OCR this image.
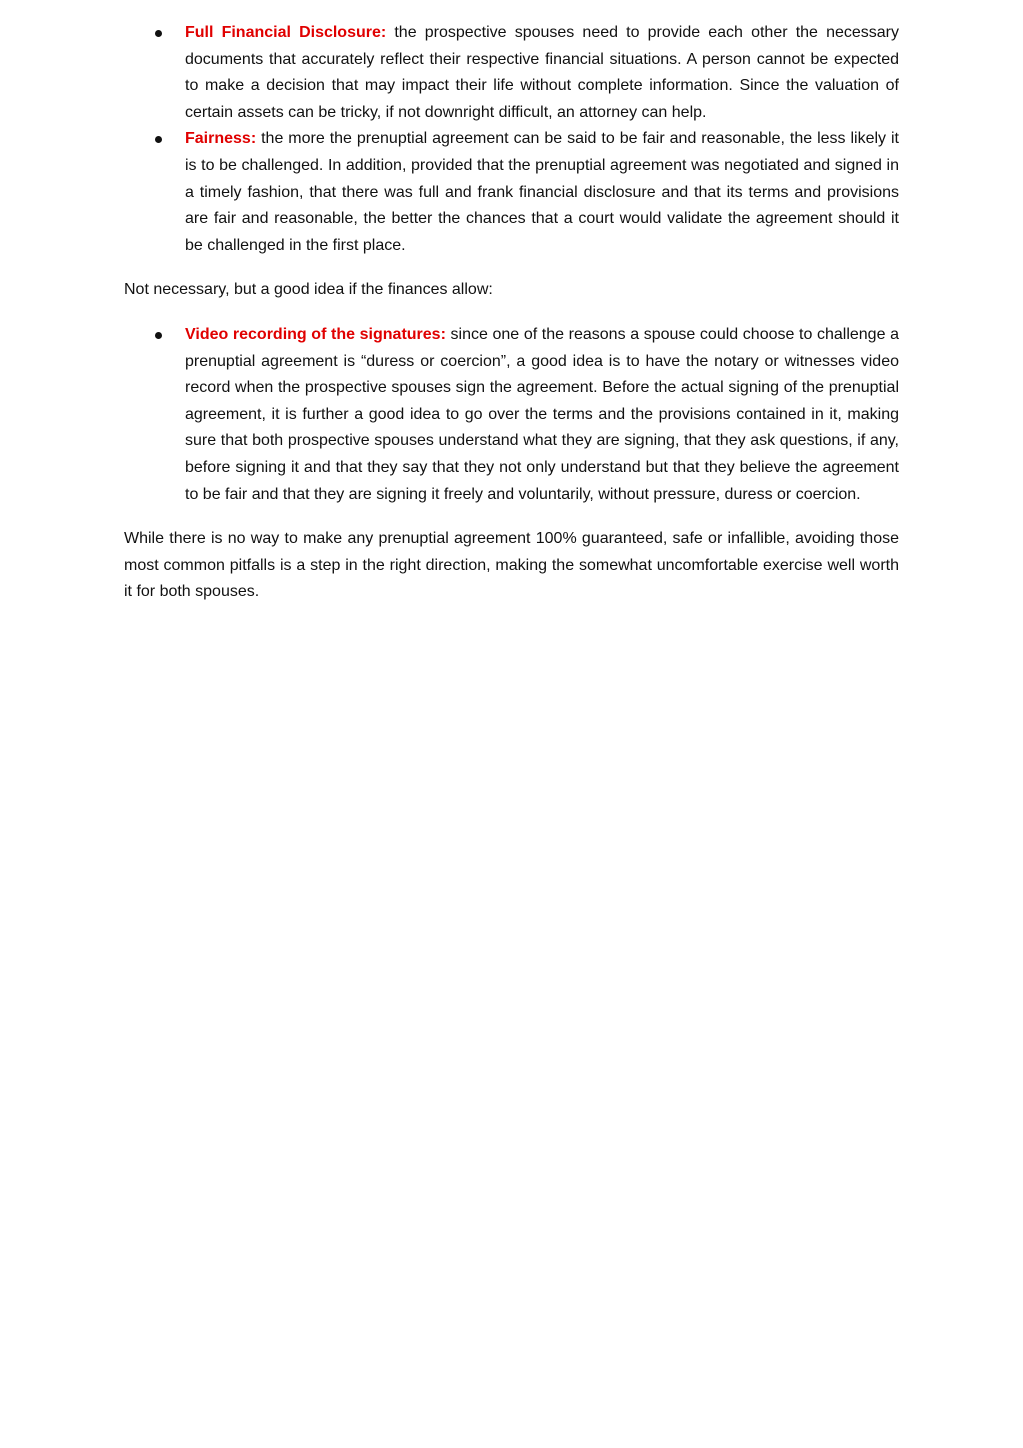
Full Financial Disclosure: the prospective spouses need to provide each other the necessary documents that accurately reflect their respective financial situations. A person cannot be expected to make a decision that may impact their life without complete information. Since the valuation of certain assets can be tricky, if not downright difficult, an attorney can help.
Fairness: the more the prenuptial agreement can be said to be fair and reasonable, the less likely it is to be challenged. In addition, provided that the prenuptial agreement was negotiated and signed in a timely fashion, that there was full and frank financial disclosure and that its terms and provisions are fair and reasonable, the better the chances that a court would validate the agreement should it be challenged in the first place.

Not necessary, but a good idea if the finances allow:

Video recording of the signatures: since one of the reasons a spouse could choose to challenge a prenuptial agreement is “duress or coercion”, a good idea is to have the notary or witnesses video record when the prospective spouses sign the agreement. Before the actual signing of the prenuptial agreement, it is further a good idea to go over the terms and the provisions contained in it, making sure that both prospective spouses understand what they are signing, that they ask questions, if any, before signing it and that they say that they not only understand but that they believe the agreement to be fair and that they are signing it freely and voluntarily, without pressure, duress or coercion.

While there is no way to make any prenuptial agreement 100% guaranteed, safe or infallible, avoiding those most common pitfalls is a step in the right direction, making the somewhat uncomfortable exercise well worth it for both spouses.
